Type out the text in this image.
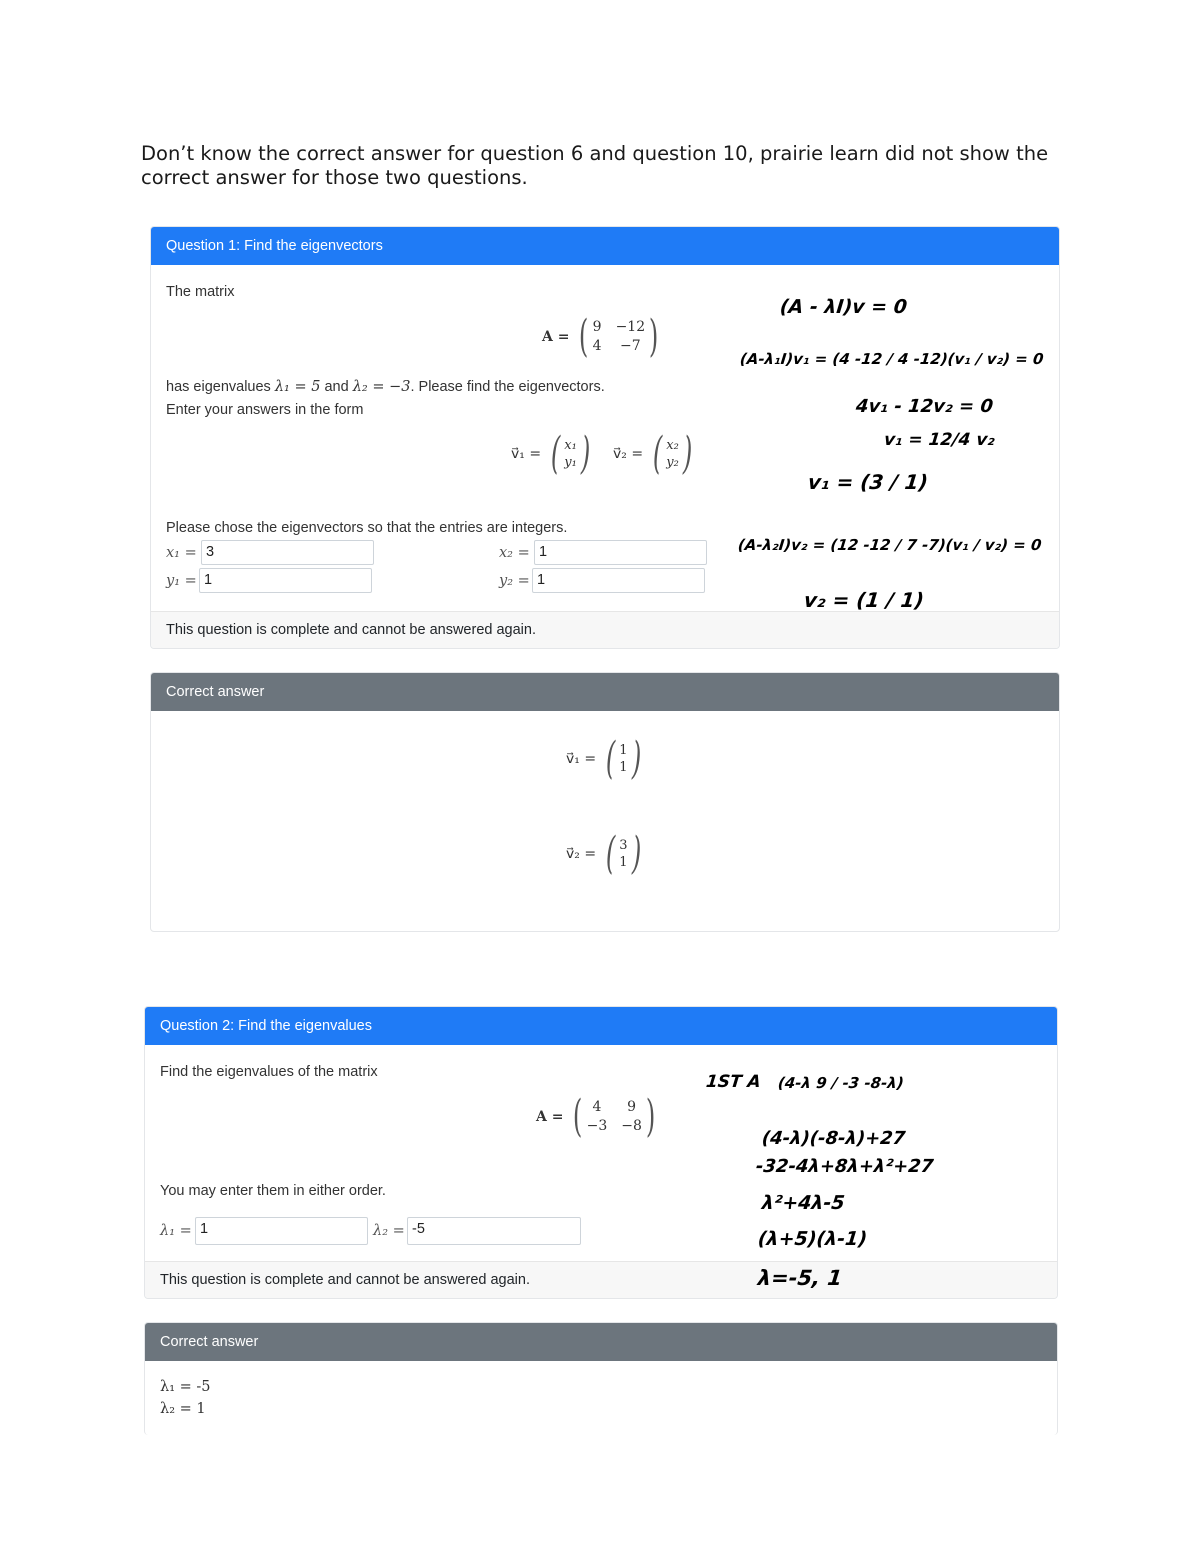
Don’t know the correct answer for question 6 and question 10, prairie learn did not show the correct answer for those two questions.
Question 1: Find the eigenvectors
The matrix
A = ( 9 −12
4	−7 )
has eigenvalues λ₁ = 5 and λ₂ = −3. Please find the eigenvectors.
Enter your answers in the form
v⃗₁ = ( x₁
y₁ ) v⃗₂ = ( x₂
y₂ )
Please chose the eigenvectors so that the entries are integers.
x₁ = 3	x₂ = 1
y₁ = 1	y₂ = 1
This question is complete and cannot be answered again.
Correct answer
v⃗₁ = ( 1
1 )
v⃗₂ = ( 3
1 )
Question 2: Find the eigenvalues
Find the eigenvalues of the matrix
A = ( 4	9
−3 −8 )
You may enter them in either order.
λ₁ = 1	λ₂ = -5
This question is complete and cannot be answered again.
Correct answer
λ₁ = -5
λ₂ = 1
(A - λI)v = 0
(A-λ₁I)v₁ = (4 -12 / 4 -12)(v₁ / v₂) = 0
4v₁ - 12v₂ = 0
v₁ = 12/4 v₂
v₁ = (3 / 1)
(A-λ₂I)v₂ = (12 -12 / 7 -7)(v₁ / v₂) = 0
v₂ = (1 / 1)
1ST A (4-λ 9 / -3 -8-λ)
(4-λ)(-8-λ)+27
-32-4λ+8λ+λ²+27
λ²+4λ-5
(λ+5)(λ-1)
λ=-5, 1
